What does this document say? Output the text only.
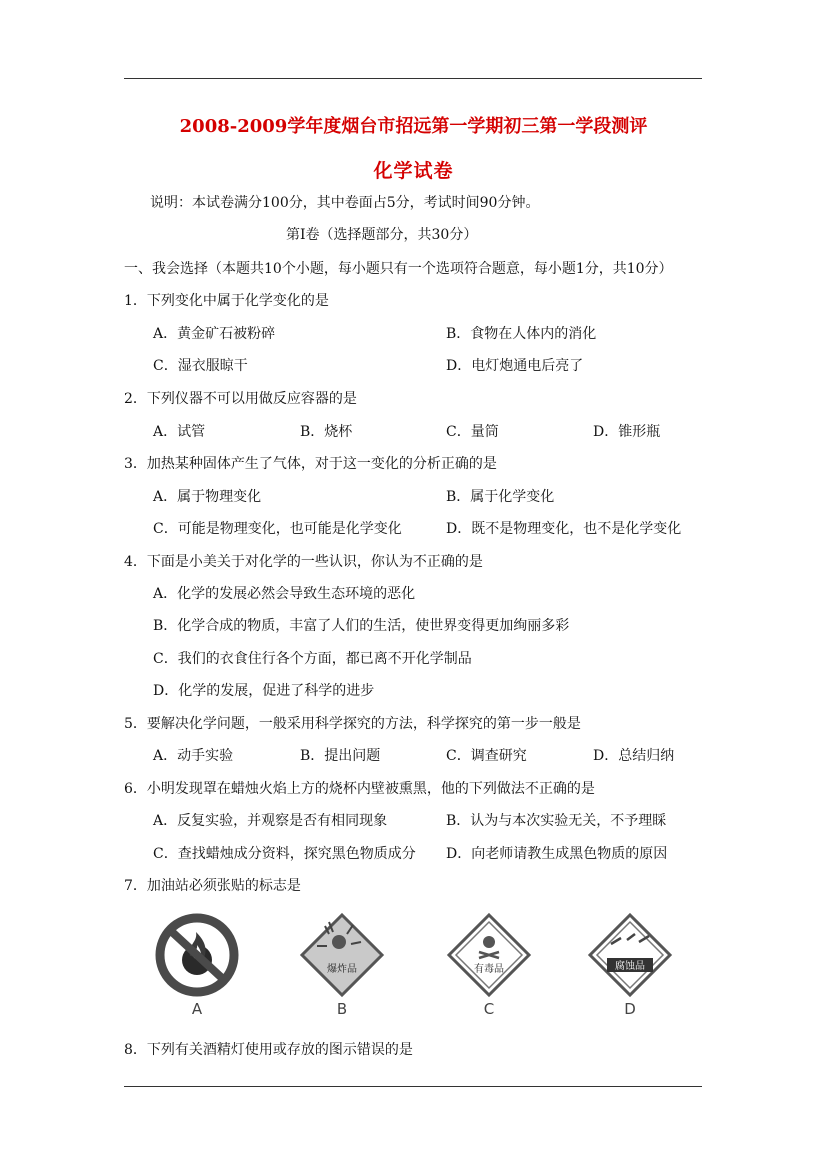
2008-2009学年度烟台市招远第一学期初三第一学段测评
化学试卷
说明：本试卷满分100分，其中卷面占5分，考试时间90分钟。
第Ⅰ卷（选择题部分，共30分）
一、我会选择（本题共10个小题，每小题只有一个选项符合题意，每小题1分，共10分）
1．下列变化中属于化学变化的是
A．黄金矿石被粉碎	B．食物在人体内的消化
C．湿衣服晾干	D．电灯炮通电后亮了
2．下列仪器不可以用做反应容器的是
A．试管	B．烧杯	C．量筒	D．锥形瓶
3．加热某种固体产生了气体，对于这一变化的分析正确的是
A．属于物理变化	B．属于化学变化
C．可能是物理变化，也可能是化学变化	D．既不是物理变化，也不是化学变化
4．下面是小美关于对化学的一些认识，你认为不正确的是
A．化学的发展必然会导致生态环境的恶化
B．化学合成的物质，丰富了人们的生活，使世界变得更加绚丽多彩
C．我们的衣食住行各个方面，都已离不开化学制品
D．化学的发展，促进了科学的进步
5．要解决化学问题，一般采用科学探究的方法，科学探究的第一步一般是
A．动手实验	B．提出问题	C．调查研究	D．总结归纳
6．小明发现罩在蜡烛火焰上方的烧杯内壁被熏黑，他的下列做法不正确的是
A．反复实验，并观察是否有相同现象	B．认为与本次实验无关，不予理睬
C．查找蜡烛成分资料，探究黑色物质成分 D．向老师请教生成黑色物质的原因
7．加油站必须张贴的标志是
A
爆炸品
B
有毒品
C
腐蚀品
D
8．下列有关酒精灯使用或存放的图示错误的是
